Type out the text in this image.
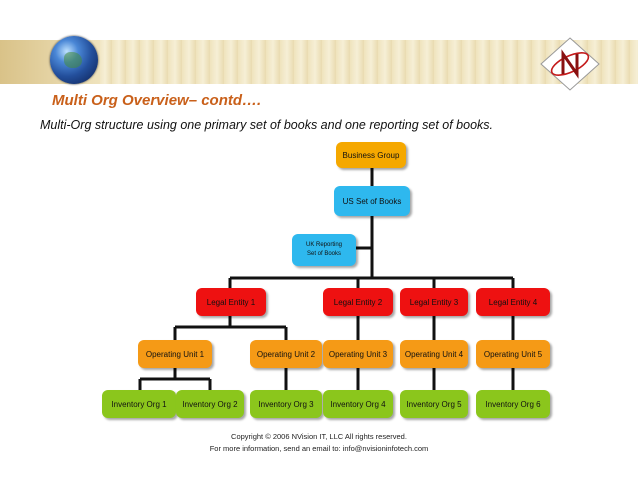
Multi Org Overview– contd….

Multi-Org structure using one primary set of books and one reporting set of books.

Business Group
US Set of Books
UK Reporting
Set of Books
Legal Entity 1	Legal Entity 2	Legal Entity 3	Legal Entity 4
Operating Unit 1	Operating Unit 2	Operating Unit 3	Operating Unit 4	Operating Unit 5
Inventory Org 1	Inventory Org 2	Inventory Org 3	Inventory Org 4	Inventory Org 5	Inventory Org 6

Copyright © 2006 NVision IT, LLC All rights reserved.

For more information, send an email to: info@nvisioninfotech.com
